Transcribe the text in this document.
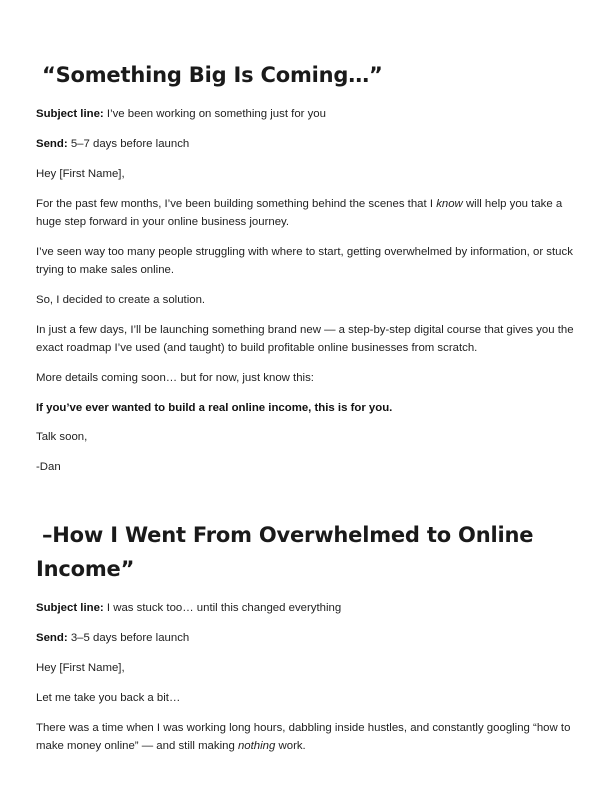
“Something Big Is Coming…”

Subject line: I’ve been working on something just for you

Send: 5–7 days before launch

Hey [First Name],

For the past few months, I’ve been building something behind the scenes that I know will help you take a huge step forward in your online business journey.

I’ve seen way too many people struggling with where to start, getting overwhelmed by information, or stuck trying to make sales online.

So, I decided to create a solution.

In just a few days, I’ll be launching something brand new — a step-by-step digital course that gives you the exact roadmap I’ve used (and taught) to build profitable online businesses from scratch.

More details coming soon… but for now, just know this:

If you’ve ever wanted to build a real online income, this is for you.

Talk soon,

-Dan

–How I Went From Overwhelmed to Online Income”

Subject line: I was stuck too… until this changed everything

Send: 3–5 days before launch

Hey [First Name],

Let me take you back a bit…

There was a time when I was working long hours, dabbling inside hustles, and constantly googling “how to make money online” — and still making nothing work.
